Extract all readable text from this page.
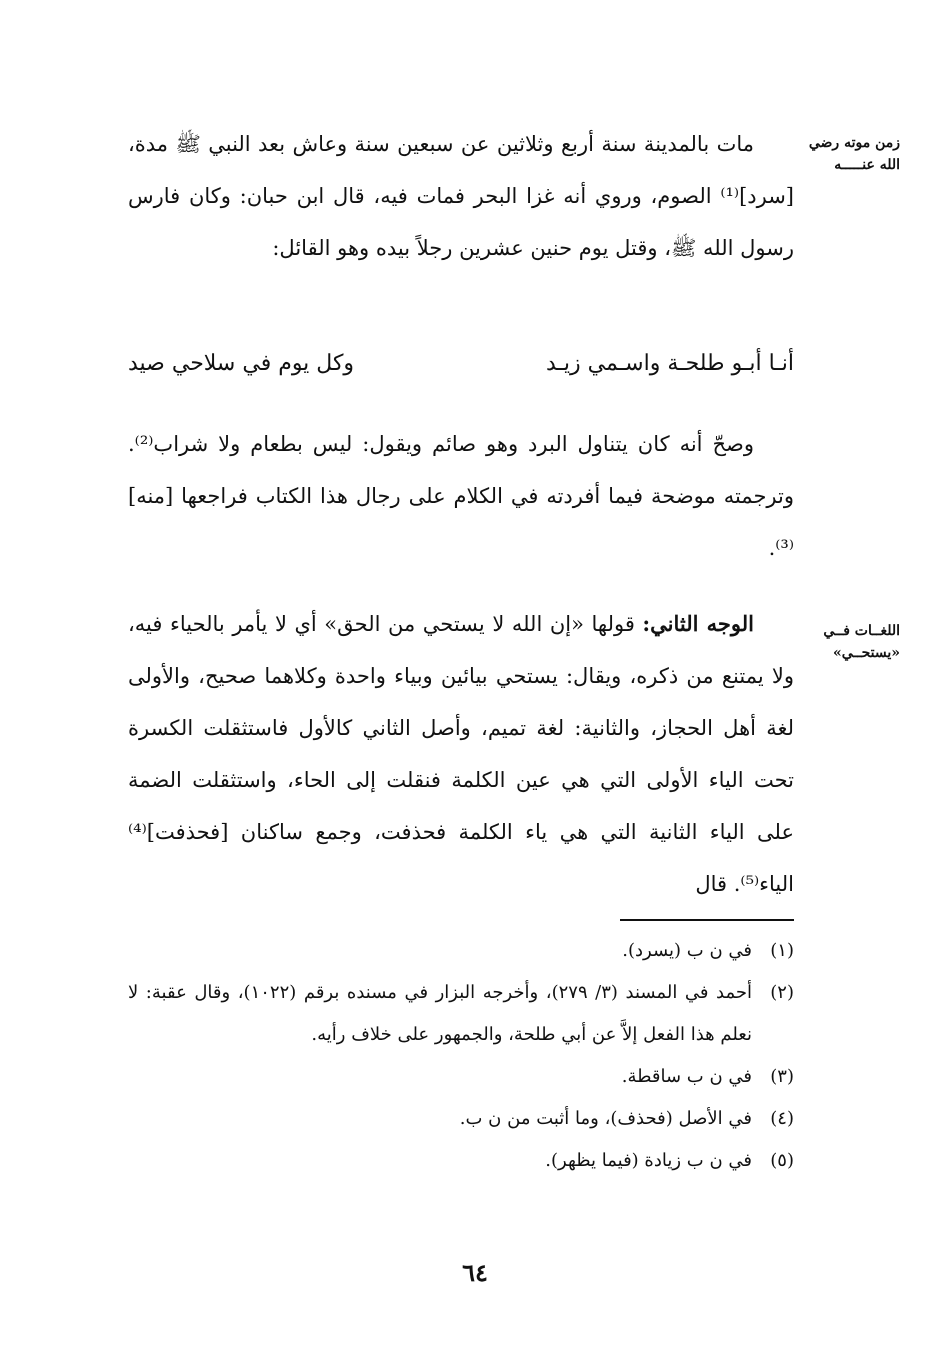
زمن موته رضي الله عنـــــه
اللغــات فــي «يستحــي»

مات بالمدينة سنة أربع وثلاثين عن سبعين سنة وعاش بعد النبي ﷺ مدة، [سرد]⁽¹⁾ الصوم، وروي أنه غزا البحر فمات فيه، قال ابن حبان: وكان فارس رسول الله ﷺ، وقتل يوم حنين عشرين رجلاً بيده وهو القائل:

أنـا أبـو طلحـة واسـمي زيـد
وكل يوم في سلاحي صيد

وصحّ أنه كان يتناول البرد وهو صائم ويقول: ليس بطعام ولا شراب⁽²⁾. وترجمته موضحة فيما أفردته في الكلام على رجال هذا الكتاب فراجعها [منه]⁽³⁾.

الوجه الثاني: قولها «إن الله لا يستحي من الحق» أي لا يأمر بالحياء فيه، ولا يمتنع من ذكره، ويقال: يستحي بيائين وبياء واحدة وكلاهما صحيح، والأولى لغة أهل الحجاز، والثانية: لغة تميم، وأصل الثاني كالأول فاستثقلت الكسرة تحت الياء الأولى التي هي عين الكلمة فنقلت إلى الحاء، واستثقلت الضمة على الياء الثانية التي هي ياء الكلمة فحذفت، وجمع ساكنان [فحذفت]⁽⁴⁾ الياء⁽⁵⁾. قال

(١)
في ن ب (يسرد).
(٢)
أحمد في المسند (٣/ ٢٧٩)، وأخرجه البزار في مسنده برقم (١٠٢٢)، وقال عقبة: لا نعلم هذا الفعل إلاَّ عن أبي طلحة، والجمهور على خلاف رأيه.
(٣)
في ن ب ساقطة.
(٤)
في الأصل (فحذف)، وما أثبت من ن ب.
(٥)
في ن ب زيادة (فيما يظهر).
٦٤
